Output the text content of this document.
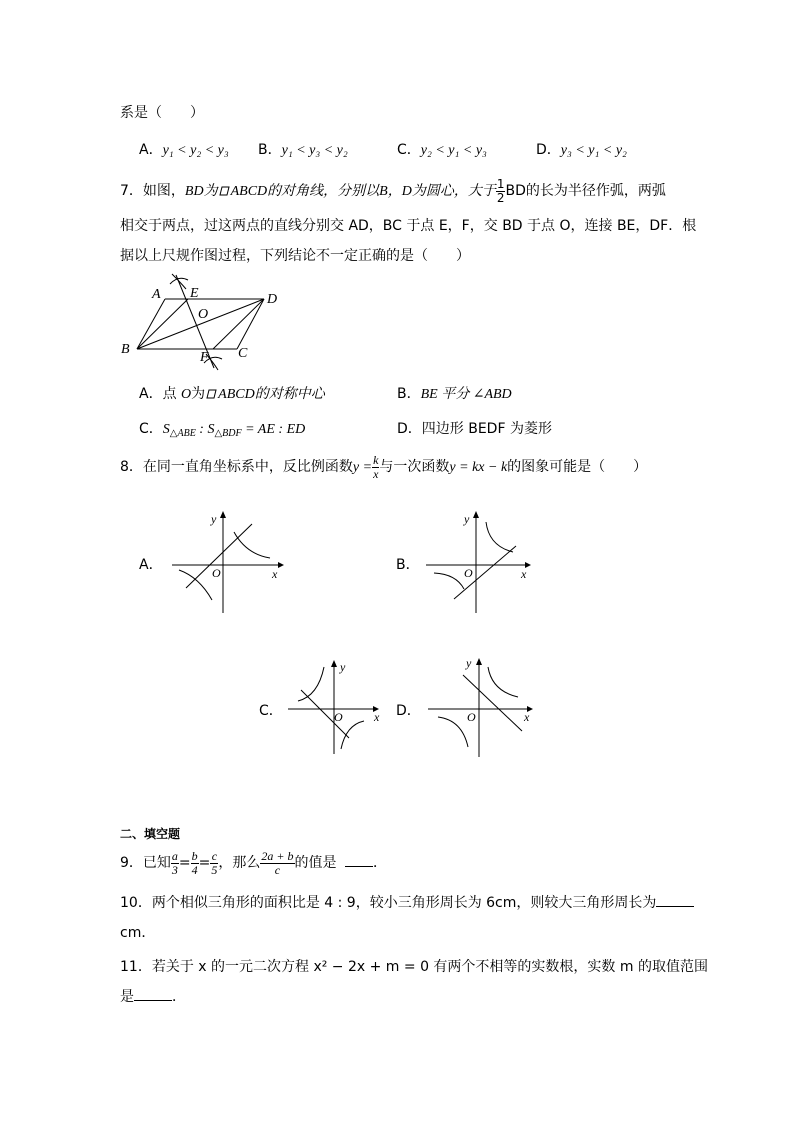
系是（　　）
A．y₁ < y₂ < y₃ B．y₁ < y₃ < y₂	C．y₂ < y₁ < y₃	D．y₃ < y₁ < y₂
7．如图，BD为 ABCD的对角线，分别以B，D为圆心，大于 $\frac{1}{2}$ BD的长为半径作弧，两弧
相交于两点，过这两点的直线分别交 AD，BC 于点 E，F，交 BD 于点 O，连接 BE，DF．根
据以上尺规作图过程，下列结论不一定正确的是（　　）
A
B	C
D
E
F
O
A．点 O为 ABCD的对称中心	B．BE 平分 ∠ABD
C．$S_{\triangle ABE}$ : $S_{\triangle BDF}$ = AE : ED	D．四边形 BEDF 为菱形
8．在同一直角坐标系中，反比例函数$y = \frac{k}{x}$ 与一次函数y = kx − k的图象可能是（　　）
A．	B．
C．	D．
y
x
O
y
x
O
y
x
O
y
x
O
二、填空题
9．已知 $\frac{a}{3} = \frac{b}{4} = \frac{c}{5}$ ，那么 $\frac{2a + b}{c}$ 的值是	．
10．两个相似三角形的面积比是 4 : 9，较小三角形周长为 6cm，则较大三角形周长为
cm．
11．若关于 x 的一元二次方程 x² − 2x + m = 0 有两个不相等的实数根，实数 m 的取值范围
是	．
